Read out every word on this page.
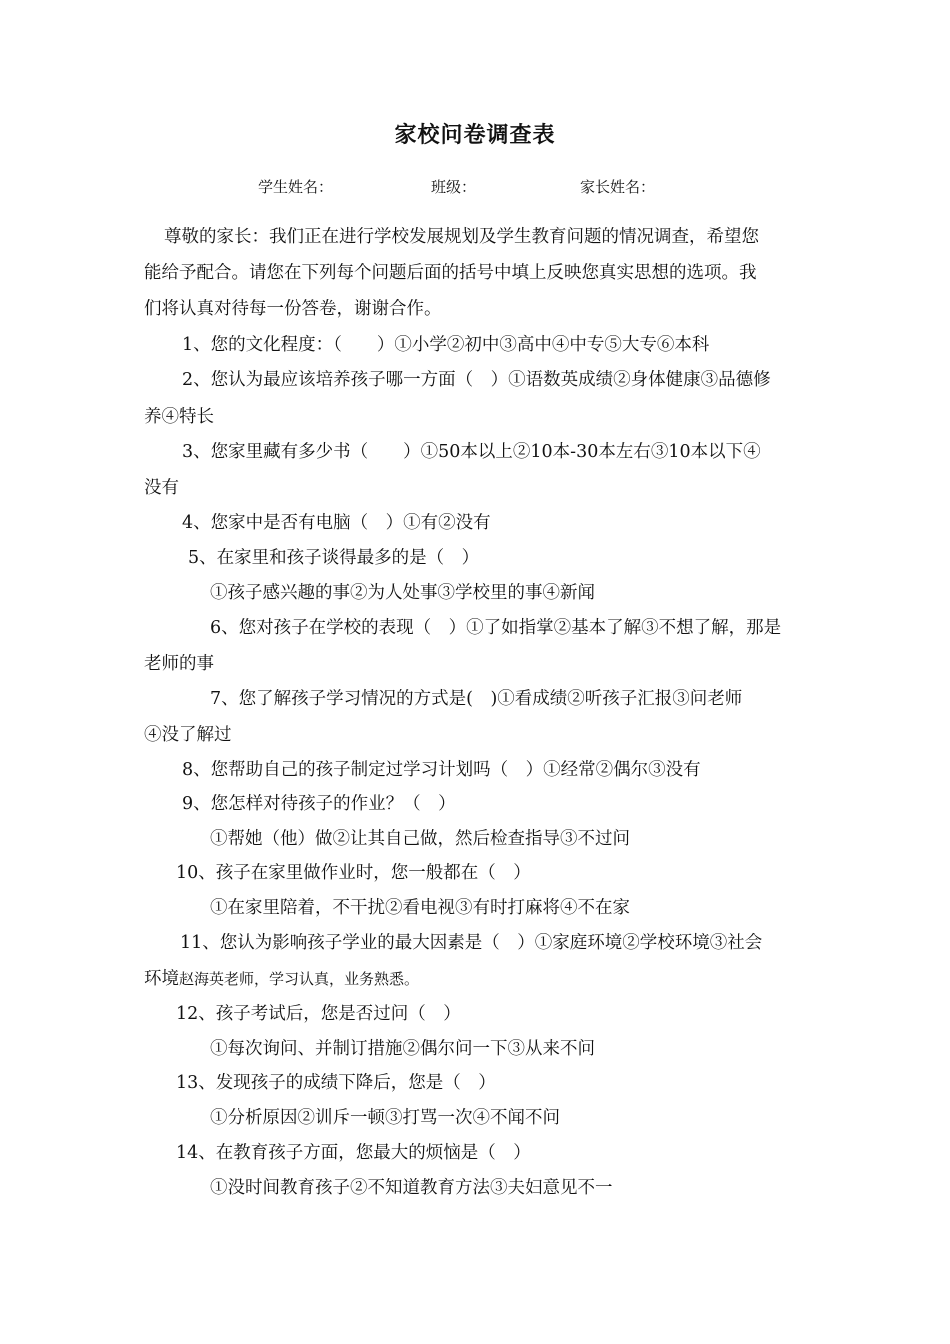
家校问卷调查表
学生姓名：	班级：	家长姓名：
尊敬的家长：我们正在进行学校发展规划及学生教育问题的情况调查，希望您
能给予配合。请您在下列每个问题后面的括号中填上反映您真实思想的选项。我
们将认真对待每一份答卷，谢谢合作。
1、您的文化程度：（　　）①小学②初中③高中④中专⑤大专⑥本科
2、您认为最应该培养孩子哪一方面（　）①语数英成绩②身体健康③品德修
养④特长
3、您家里藏有多少书（　　）①50本以上②10本-30本左右③10本以下④
没有
4、您家中是否有电脑（　）①有②没有
5、在家里和孩子谈得最多的是（　）
①孩子感兴趣的事②为人处事③学校里的事④新闻
6、您对孩子在学校的表现（　）①了如指掌②基本了解③不想了解，那是
老师的事
7、您了解孩子学习情况的方式是(　)①看成绩②听孩子汇报③问老师
④没了解过
8、您帮助自己的孩子制定过学习计划吗（　）①经常②偶尔③没有
9、您怎样对待孩子的作业？（　）
①帮她（他）做②让其自己做，然后检查指导③不过问
10、孩子在家里做作业时，您一般都在（　）
①在家里陪着，不干扰②看电视③有时打麻将④不在家
11、您认为影响孩子学业的最大因素是（　）①家庭环境②学校环境③社会
环境赵海英老师，学习认真，业务熟悉。
12、孩子考试后，您是否过问（　）
①每次询问、并制订措施②偶尔问一下③从来不问
13、发现孩子的成绩下降后，您是（　）
①分析原因②训斥一顿③打骂一次④不闻不问
14、在教育孩子方面，您最大的烦恼是（　）
①没时间教育孩子②不知道教育方法③夫妇意见不一
